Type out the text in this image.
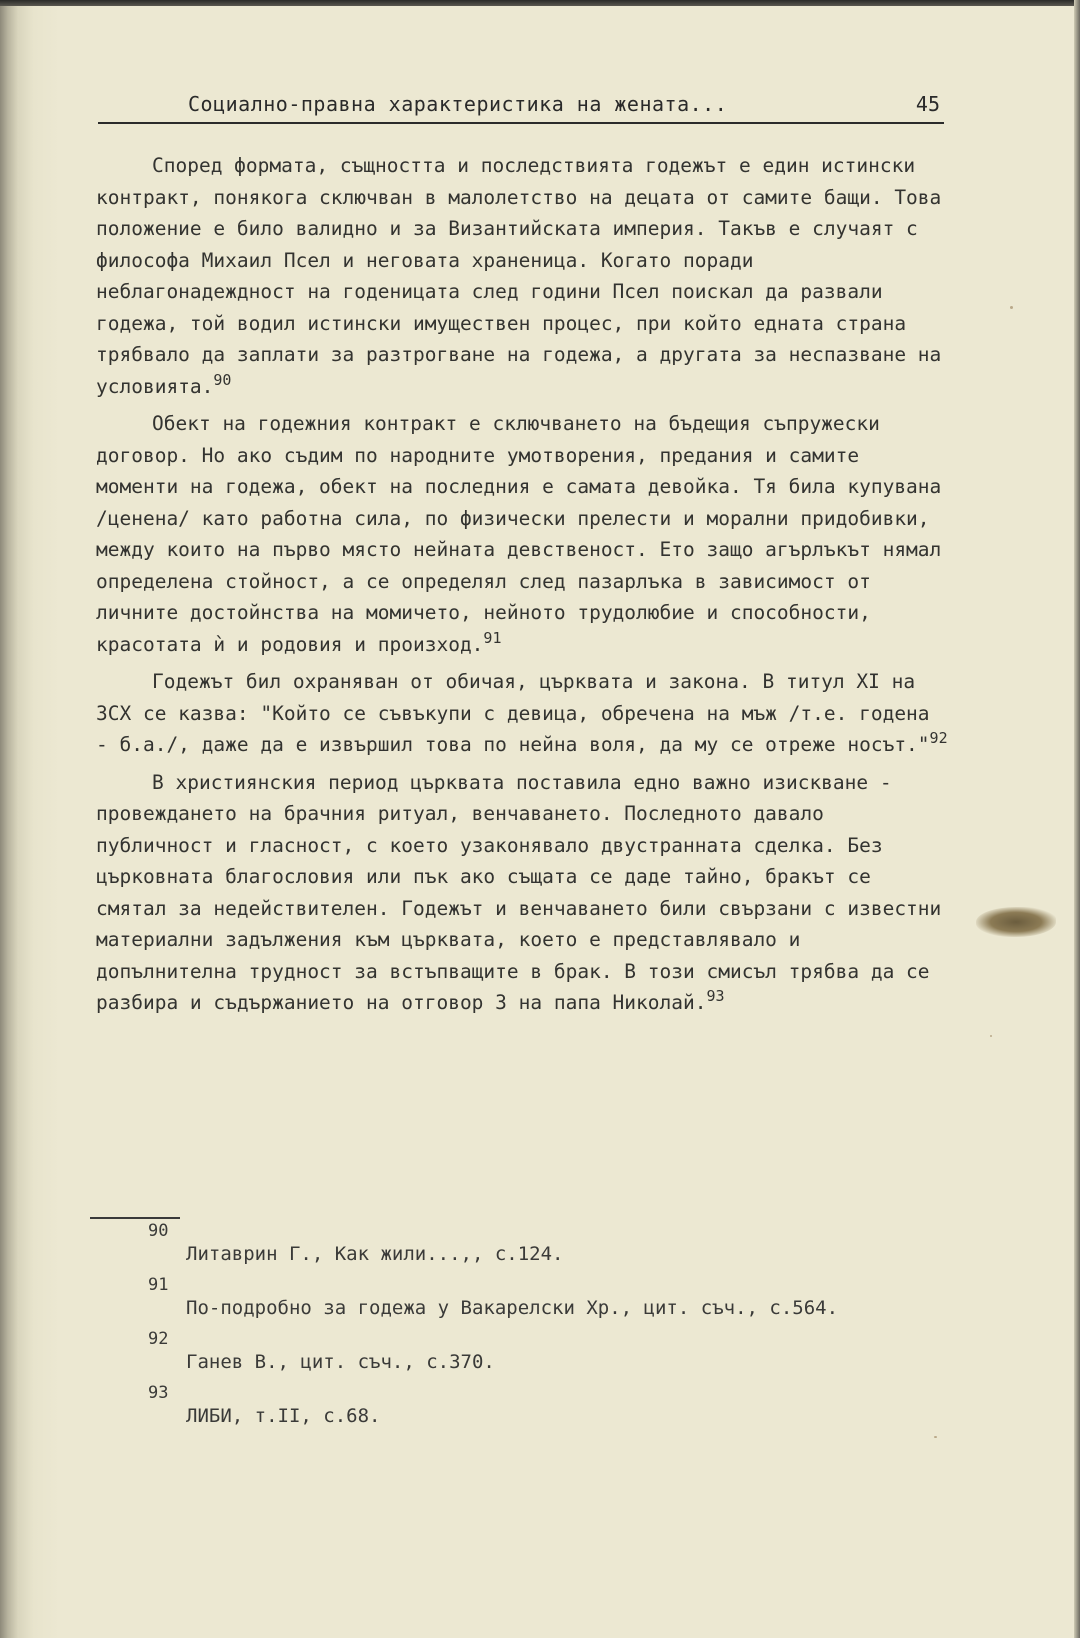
Социално-правна характеристика на жената...	45

Според формата, същността и последствията годежът е един истински контракт, понякога сключван в малолетство на децата от самите бащи. Това положение е било валидно и за Византийската империя. Такъв е случаят с философа Михаил Псел и неговата храненица. Когато поради неблагонадеждност на годеницата след години Псел поискал да развали годежа, той водил истински имуществен процес, при който едната страна трябвало да заплати за разтрогване на годежа, а другата за неспазване на условията.$^{90}$

Обект на годежния контракт е сключването на бъдещия съпружески договор. Но ако съдим по народните умотворения, предания и самите моменти на годежа, обект на последния е самата девойка. Тя била купувана /ценена/ като работна сила, по физически прелести и морални придобивки, между които на първо място нейната девственост. Ето защо агърлъкът нямал определена стойност, а се определял след пазарлъка в зависимост от личните достойнства на момичето, нейното трудолюбие и способности, красотата ѝ и родовия и произход.$^{91}$

Годежът бил охраняван от обичая, църквата и закона. В титул XI на ЗСХ се казва: "Който се съвъкупи с девица, обречена на мъж /т.е. годена - б.а./, даже да е извършил това по нейна воля, да му се отреже носът."$^{92}$

В християнския период църквата поставила едно важно изискване - провеждането на брачния ритуал, венчаването. Последното давало публичност и гласност, с което узаконявало двустранната сделка. Без църковната благословия или пък ако същата се даде тайно, бракът се смятал за недействителен. Годежът и венчаването били свързани с известни материални задължения към църквата, което е представлявало и допълнителна трудност за встъпващите в брак. В този смисъл трябва да се разбира и съдържанието на отговор 3 на папа Николай.$^{93}$

90
Литаврин Г., Как жили...,, с.124.
91
По-подробно за годежа у Вакарелски Хр., цит. съч., с.564.
92
Ганев В., цит. съч., с.370.
93
ЛИБИ, т.II, с.68.
